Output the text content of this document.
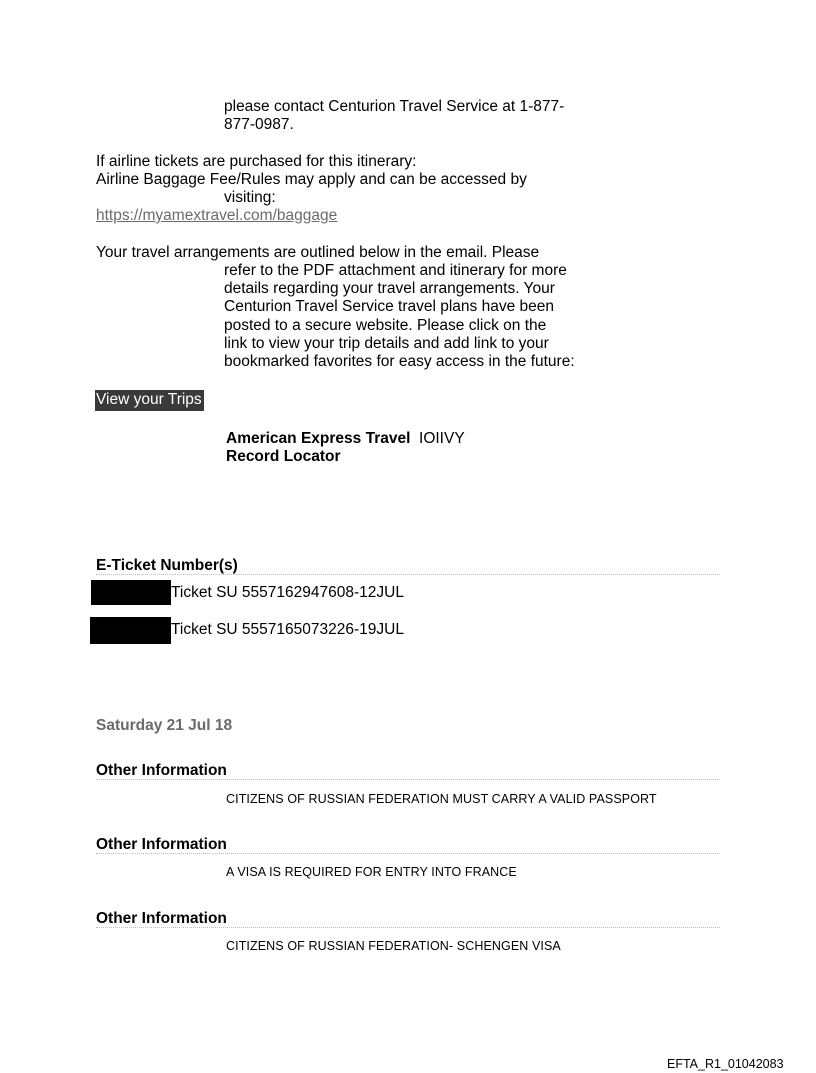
please contact Centurion Travel Service at 1-877-
877-0987.
If airline tickets are purchased for this itinerary:
Airline Baggage Fee/Rules may apply and can be accessed by
visiting:
https://myamextravel.com/baggage
Your travel arrangements are outlined below in the email. Please
refer to the PDF attachment and itinerary for more
details regarding your travel arrangements. Your
Centurion Travel Service travel plans have been
posted to a secure website. Please click on the
link to view your trip details and add link to your
bookmarked favorites for easy access in the future:
View your Trips
American Express Travel IOIIVY
Record Locator
E-Ticket Number(s)
Ticket SU 5557162947608-12JUL
Ticket SU 5557165073226-19JUL
Saturday 21 Jul 18
Other Information
CITIZENS OF RUSSIAN FEDERATION MUST CARRY A VALID PASSPORT
Other Information
A VISA IS REQUIRED FOR ENTRY INTO FRANCE
Other Information
CITIZENS OF RUSSIAN FEDERATION- SCHENGEN VISA
EFTA_R1_01042083
